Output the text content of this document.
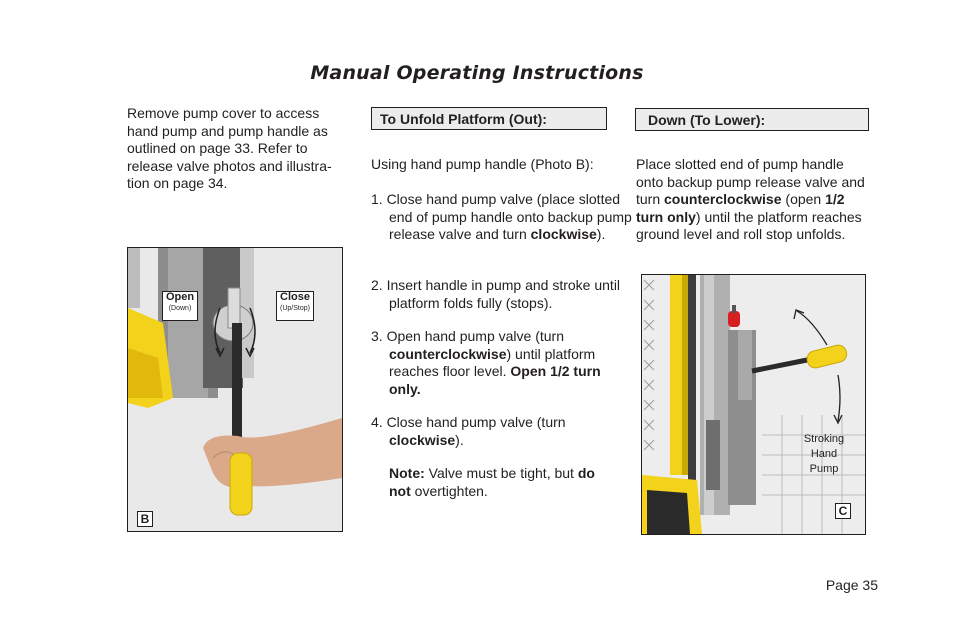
Manual Operating Instructions
Remove pump cover to access
hand pump and pump handle as
outlined on page 33. Refer to
release valve photos and illustra-
tion on page 34.
Open
(Down)
Close
(Up/Stop)
B
To Unfold Platform (Out):
Using hand pump handle (Photo B):
1. Close hand pump valve (place slotted end of pump handle onto backup pump release valve and turn clockwise).
2. Insert handle in pump and stroke until platform folds fully (stops).
3. Open hand pump valve (turn counterclockwise) until platform reaches floor level. Open 1/2 turn only.
4. Close hand pump valve (turn clockwise).
Note: Valve must be tight, but do not overtighten.
Down (To Lower):
Place slotted end of pump handle onto backup pump release valve and turn counterclockwise (open 1/2 turn only) until the platform reaches ground level and roll stop unfolds.
Stroking
Hand
Pump
C
Page 35
